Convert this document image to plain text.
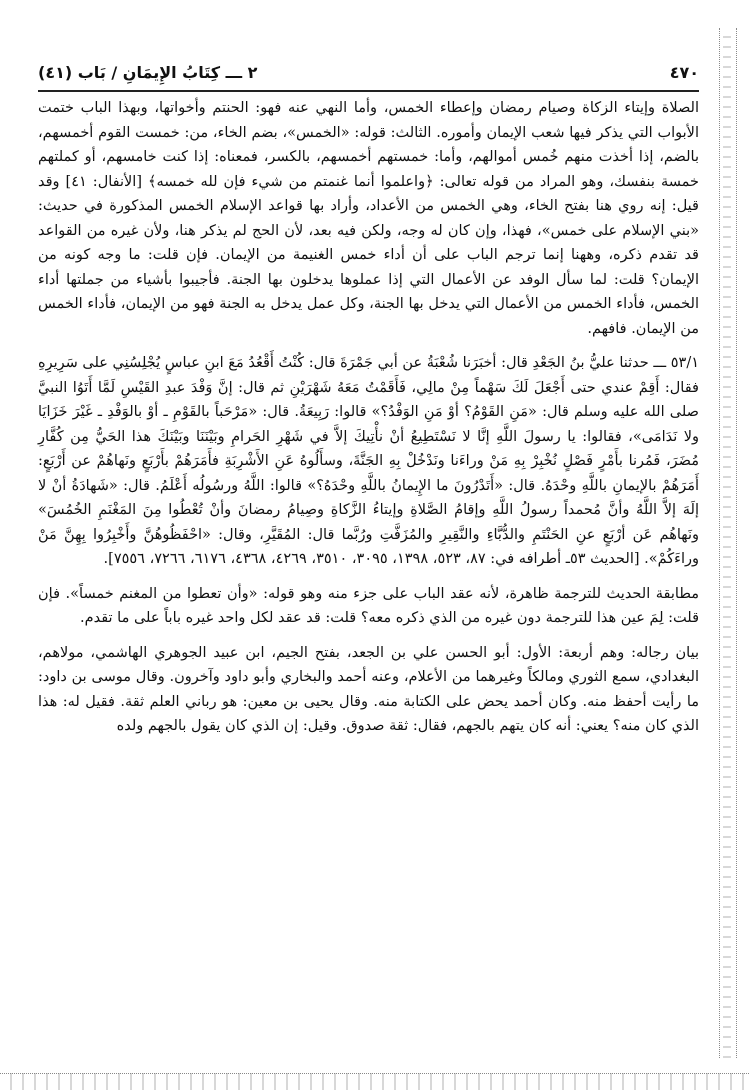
٤٧٠
٢ ـــ كِتَابُ الإِيمَانِ / بَاب (٤١)

الصلاة وإيتاء الزكاة وصيام رمضان وإعطاء الخمس، وأما النهي عنه فهو: الحنتم وأخواتها، وبهذا الباب ختمت الأبواب التي يذكر فيها شعب الإيمان وأموره. الثالث: قوله: «الخمس»، بضم الخاء، من: خمست القوم أخمسهم، بالضم، إذا أخذت منهم خُمس أموالهم، وأما: خمستهم أخمسهم، بالكسر، فمعناه: إذا كنت خامسهم، أو كملتهم خمسة بنفسك، وهو المراد من قوله تعالى: ﴿واعلموا أنما غنمتم من شيء فإن لله خمسه﴾ [الأنفال: ٤١] وقد قيل: إنه روي هنا بفتح الخاء، وهي الخمس من الأعداد، وأراد بها قواعد الإسلام الخمس المذكورة في حديث: «بني الإسلام على خمس»، فهذا، وإن كان له وجه، ولكن فيه بعد، لأن الحج لم يذكر هنا، ولأن غيره من القواعد قد تقدم ذكره، وههنا إنما ترجم الباب على أن أداء خمس الغنيمة من الإيمان. فإن قلت: ما وجه كونه من الإيمان؟ قلت: لما سأل الوفد عن الأعمال التي إذا عملوها يدخلون بها الجنة. فأجيبوا بأشياء من جملتها أداء الخمس، فأداء الخمس من الأعمال التي يدخل بها الجنة، وكل عمل يدخل به الجنة فهو من الإيمان، فأداء الخمس من الإيمان. فافهم.

٥٣/١ ـــ حدثنا عليُّ بنُ الجَعْدِ قال: أخبَرَنا شُعْبَةُ عن أبي جَمْرَةَ قال: كُنْتُ أَقْعُدُ مَعَ ابنِ عباسٍ يُجْلِسُنِي على سَرِيرِهِ فقال: أَقِمْ عندي حتى أَجْعَلَ لَكَ سَهْماً مِنْ مالِي، فَأَقَمْتُ مَعَهُ شَهْرَيْنِ ثم قال: إنَّ وَفْدَ عبدِ القَيْسِ لَمَّا أَتَوُا النبيَّ صلى الله عليه وسلم قال: «مَنِ القَوْمُ؟ أوْ مَنِ الوَفْدُ؟» قالوا: رَبِيعَةُ. قال: «مَرْحَباً بالقَوْمِ ـ أوْ بالوَفْدِ ـ غَيْرَ خَزَايَا ولا نَدَامَى»، فقالوا: يا رسولَ اللَّهِ إنَّا لا نَسْتَطِيعُ أنْ نأْتِيكَ إلاَّ في شَهْرِ الحَرامِ وبَيْنَنَا وبَيْنَكَ هذا الحَيُّ مِن كُفَّارِ مُضَرَ، فَمُرنا بأَمْرٍ فَصْلٍ نُخْبِرْ بِهِ مَنْ وراءَنا ونَدْخُلْ بِهِ الجَنَّةَ، وسأَلُوهُ عَنِ الأَشْرِبَةِ فأَمَرَهُمْ بأَرْبَعٍ ونَهاهُمْ عن أَرْبَعٍ: أَمَرَهُمْ بالإيمانِ باللَّهِ وحْدَهُ. قال: «أَتَدْرُونَ ما الإِيمانُ باللَّهِ وحْدَهُ؟» قالوا: اللَّهُ ورسُولُه أَعْلَمُ. قال: «شَهادَةُ أنْ لا إلَهَ إلاَّ اللَّهُ وأنَّ مُحمداً رسولُ اللَّهِ وإقامُ الصَّلاةِ وإيتاءُ الزَّكاةِ وصِيامُ رمضانَ وأنْ تُعْطُوا مِنَ المَغْنَمِ الخُمُسَ» ونَهاهُم عَن أرْبَعٍ عنِ الحَنْتَمِ والدُّبَّاءِ والنَّقِيرِ والمُزَفَّتِ ورُبَّما قال: المُقَيَّرِ، وقال: «احْفَظُوهُنَّ وأَخْبِرُوا بِهِنَّ مَنْ وراءَكُمْ». [الحديث ٥٣ـ أطرافه في: ٨٧، ٥٢٣، ١٣٩٨، ٣٠٩٥، ٣٥١٠، ٤٢٦٩، ٤٣٦٨، ٦١٧٦، ٧٢٦٦، ٧٥٥٦].

مطابقة الحديث للترجمة ظاهرة، لأنه عقد الباب على جزء منه وهو قوله: «وأن تعطوا من المغنم خمساً». فإن قلت: لِمَ عين هذا للترجمة دون غيره من الذي ذكره معه؟ قلت: قد عقد لكل واحد غيره باباً على ما تقدم.

بيان رجاله: وهم أربعة: الأول: أبو الحسن علي بن الجعد، بفتح الجيم، ابن عبيد الجوهري الهاشمي، مولاهم، البغدادي، سمع الثوري ومالكاً وغيرهما من الأعلام، وعنه أحمد والبخاري وأبو داود وآخرون. وقال موسى بن داود: ما رأيت أحفظ منه. وكان أحمد يحض على الكتابة منه. وقال يحيى بن معين: هو رباني العلم ثقة. فقيل له: هذا الذي كان منه؟ يعني: أنه كان يتهم بالجهم، فقال: ثقة صدوق. وقيل: إن الذي كان يقول بالجهم ولده
